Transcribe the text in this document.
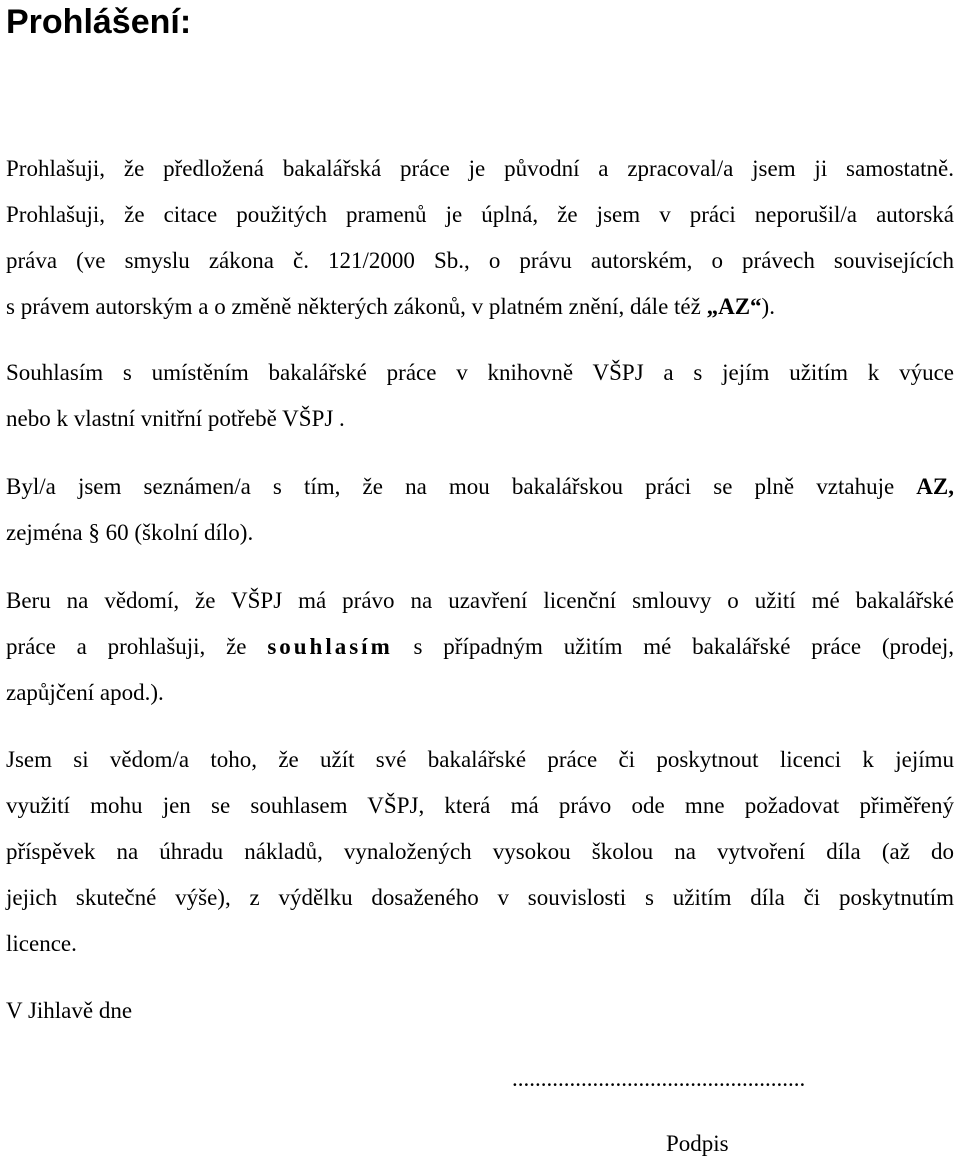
Prohlášení:

Prohlašuji, že předložená bakalářská práce je původní a zpracoval/a jsem ji samostatně.
Prohlašuji, že citace použitých pramenů je úplná, že jsem v práci neporušil/a autorská
práva (ve smyslu zákona č. 121/2000 Sb., o právu autorském, o právech souvisejících
s právem autorským a o změně některých zákonů, v platném znění, dále též „AZ“).

Souhlasím s umístěním bakalářské práce v knihovně VŠPJ a s jejím užitím k výuce
nebo k vlastní vnitřní potřebě VŠPJ .

Byl/a jsem seznámen/a s tím, že na mou bakalářskou práci se plně vztahuje AZ,
zejména § 60 (školní dílo).

Beru na vědomí, že VŠPJ má právo na uzavření licenční smlouvy o užití mé bakalářské
práce a prohlašuji, že souhlasím s případným užitím mé bakalářské práce (prodej,
zapůjčení apod.).

Jsem si vědom/a toho, že užít své bakalářské práce či poskytnout licenci k jejímu
využití mohu jen se souhlasem VŠPJ, která má právo ode mne požadovat přiměřený
příspěvek na úhradu nákladů, vynaložených vysokou školou na vytvoření díla (až do
jejich skutečné výše), z výdělku dosaženého v souvislosti s užitím díla či poskytnutím
licence.

V Jihlavě dne

...................................................

Podpis
